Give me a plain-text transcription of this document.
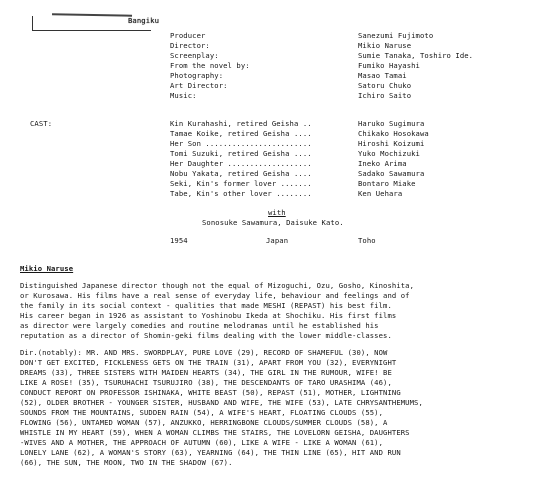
Bangiku
Producer	Sanezumi Fujimoto
Director:	Mikio Naruse
Screenplay:	Sumie Tanaka, Toshiro Ide.
From the novel by:	Fumiko Hayashi
Photography:	Masao Tamai
Art Director:	Satoru Chuko
Music:	Ichiro Saito
CAST:	Kin Kurahashi, retired Geisha ..	Haruko Sugimura
Tamae Koike, retired Geisha ....	Chikako Hosokawa
Her Son ........................	Hiroshi Koizumi
Tomi Suzuki, retired Geisha ....	Yuko Mochizuki
Her Daughter ...................	Ineko Arima
Nobu Yakata, retired Geisha ....	Sadako Sawamura
Seki, Kin's former lover .......	Bontaro Miake
Tabe, Kin's other lover ........	Ken Uehara
with
Sonosuke Sawamura, Daisuke Kato.
1954	Japan	Toho
Mikio Naruse
Distinguished Japanese director though not the equal of Mizoguchi, Ozu, Gosho, Kinoshita,
or Kurosawa. His films have a real sense of everyday life, behaviour and feelings and of
the family in its social context - qualities that made MESHI (REPAST) his best film.
His career began in 1926 as assistant to Yoshinobu Ikeda at Shochiku. His first films
as director were largely comedies and routine melodramas until he established his
reputation as a director of Shomin-geki films dealing with the lower middle-classes.
Dir.(notably): MR. AND MRS. SWORDPLAY, PURE LOVE (29), RECORD OF SHAMEFUL (30), NOW
DON'T GET EXCITED, FICKLENESS GETS ON THE TRAIN (31), APART FROM YOU (32), EVERYNIGHT
DREAMS (33), THREE SISTERS WITH MAIDEN HEARTS (34), THE GIRL IN THE RUMOUR, WIFE! BE
LIKE A ROSE! (35), TSURUHACHI TSURUJIRO (38), THE DESCENDANTS OF TARO URASHIMA (46),
CONDUCT REPORT ON PROFESSOR ISHINAKA, WHITE BEAST (50), REPAST (51), MOTHER, LIGHTNING
(52), OLDER BROTHER - YOUNGER SISTER, HUSBAND AND WIFE, THE WIFE (53), LATE CHRYSANTHEMUMS,
SOUNDS FROM THE MOUNTAINS, SUDDEN RAIN (54), A WIFE'S HEART, FLOATING CLOUDS (55),
FLOWING (56), UNTAMED WOMAN (57), ANZUKKO, HERRINGBONE CLOUDS/SUMMER CLOUDS (58), A
WHISTLE IN MY HEART (59), WHEN A WOMAN CLIMBS THE STAIRS, THE LOVELORN GEISHA, DAUGHTERS
-WIVES AND A MOTHER, THE APPROACH OF AUTUMN (60), LIKE A WIFE - LIKE A WOMAN (61),
LONELY LANE (62), A WOMAN'S STORY (63), YEARNING (64), THE THIN LINE (65), HIT AND RUN
(66), THE SUN, THE MOON, TWO IN THE SHADOW (67).
